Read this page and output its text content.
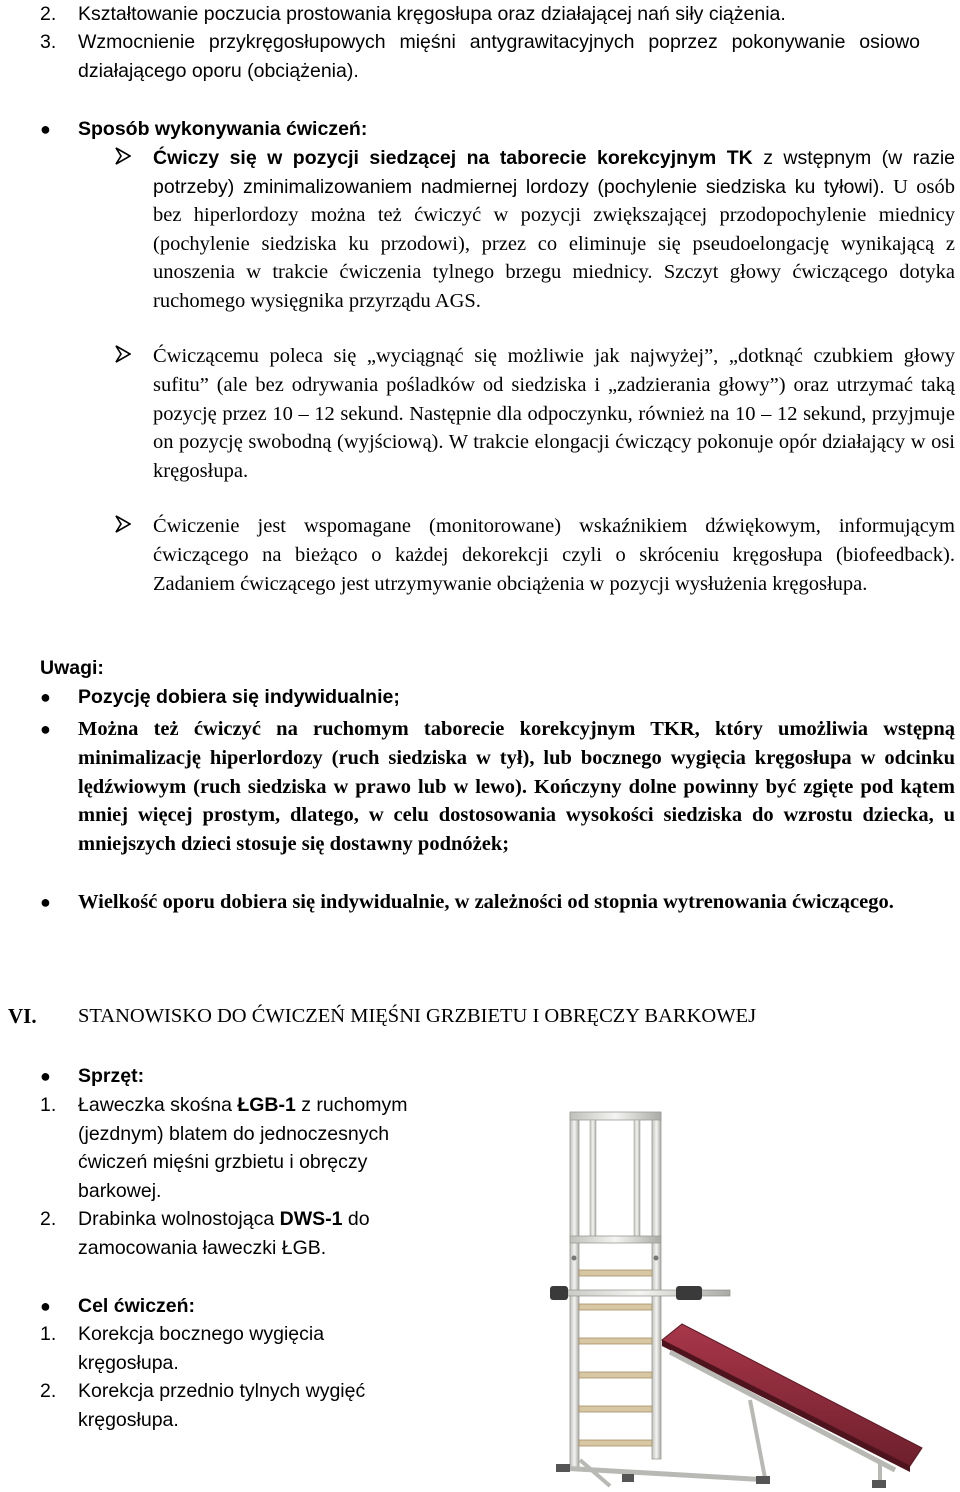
2. Kształtowanie poczucia prostowania kręgosłupa oraz działającej nań siły ciążenia.
3. Wzmocnienie przykręgosłupowych mięśni antygrawitacyjnych poprzez pokonywanie osiowo działającego oporu (obciążenia).
● Sposób wykonywania ćwiczeń:
Ćwiczy się w pozycji siedzącej na taborecie korekcyjnym TK z wstępnym (w razie potrzeby) zminimalizowaniem nadmiernej lordozy (pochylenie siedziska ku tyłowi). U osób bez hiperlordozy można też ćwiczyć w pozycji zwiększającej przodopochylenie miednicy (pochylenie siedziska ku przodowi), przez co eliminuje się pseudoelongację wynikającą z unoszenia w trakcie ćwiczenia tylnego brzegu miednicy. Szczyt głowy ćwiczącego dotyka ruchomego wysięgnika przyrządu AGS.
Ćwiczącemu poleca się „wyciągnąć się możliwie jak najwyżej”, „dotknąć czubkiem głowy sufitu” (ale bez odrywania pośladków od siedziska i „zadzierania głowy”) oraz utrzymać taką pozycję przez 10 – 12 sekund. Następnie dla odpoczynku, również na 10 – 12 sekund, przyjmuje on pozycję swobodną (wyjściową). W trakcie elongacji ćwiczący pokonuje opór działający w osi kręgosłupa.
Ćwiczenie jest wspomagane (monitorowane) wskaźnikiem dźwiękowym, informującym ćwiczącego na bieżąco o każdej dekorekcji czyli o skróceniu kręgosłupa (biofeedback). Zadaniem ćwiczącego jest utrzymywanie obciążenia w pozycji wysłużenia kręgosłupa.
Uwagi:
● Pozycję dobiera się indywidualnie;
● Można też ćwiczyć na ruchomym taborecie korekcyjnym TKR, który umożliwia wstępną minimalizację hiperlordozy (ruch siedziska w tył), lub bocznego wygięcia kręgosłupa w odcinku lędźwiowym (ruch siedziska w prawo lub w lewo). Kończyny dolne powinny być zgięte pod kątem mniej więcej prostym, dlatego, w celu dostosowania wysokości siedziska do wzrostu dziecka, u mniejszych dzieci stosuje się dostawny podnóżek;
● Wielkość oporu dobiera się indywidualnie, w zależności od stopnia wytrenowania ćwiczącego.
VI. STANOWISKO DO ĆWICZEŃ MIĘŚNI GRZBIETU I OBRĘCZY BARKOWEJ
● Sprzęt:
1. Ławeczka skośna ŁGB-1 z ruchomym (jezdnym) blatem do jednoczesnych ćwiczeń mięśni grzbietu i obręczy barkowej.
2. Drabinka wolnostojąca DWS-1 do zamocowania ławeczki ŁGB.
● Cel ćwiczeń:
1. Korekcja bocznego wygięcia kręgosłupa.
2. Korekcja przednio tylnych wygięć kręgosłupa.
